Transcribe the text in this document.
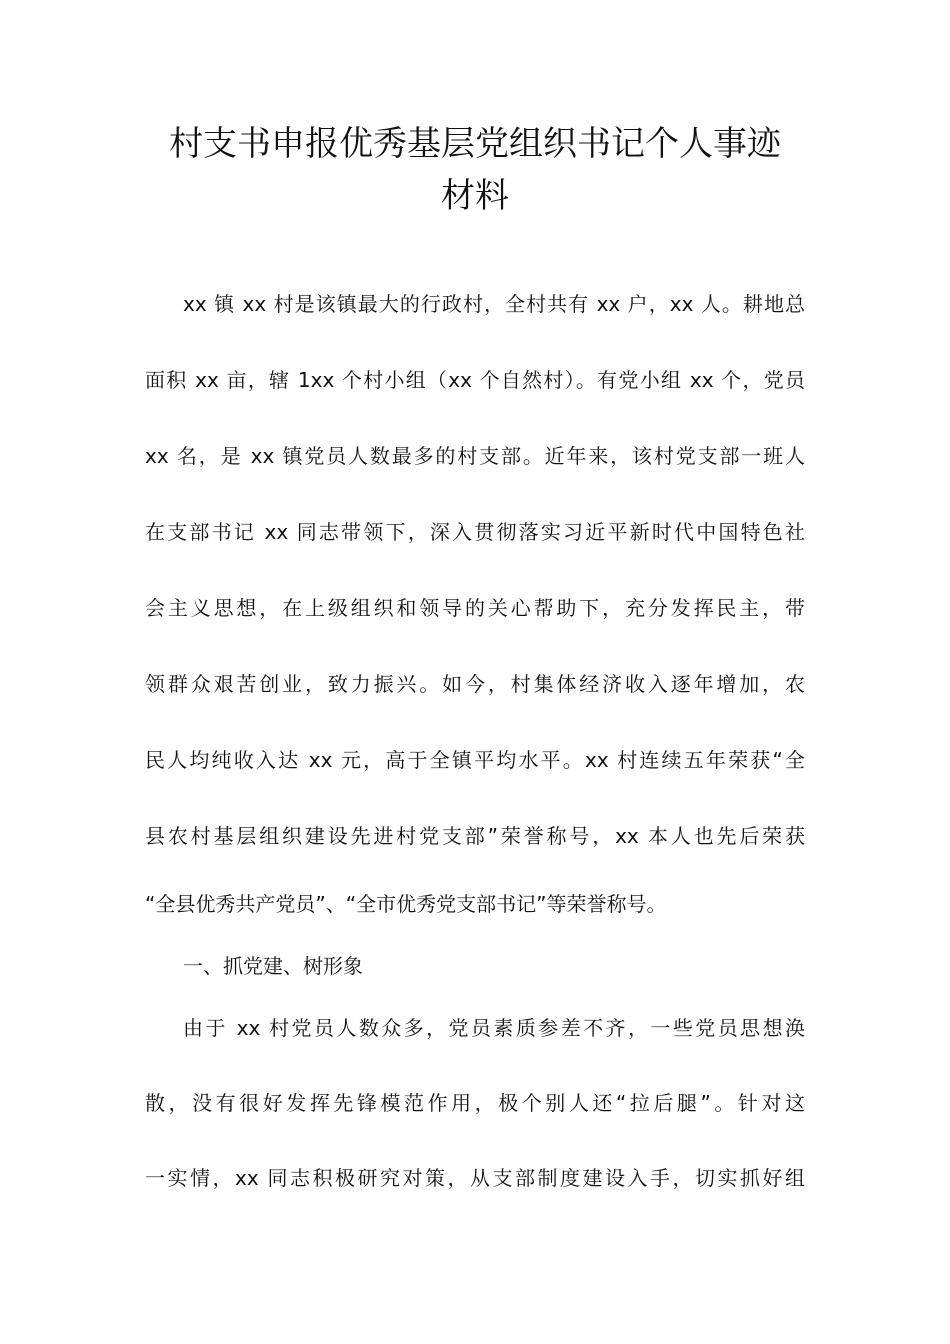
村支书申报优秀基层党组织书记个人事迹
材料
xx 镇 xx 村是该镇最大的行政村，全村共有 xx 户，xx 人。耕地总
面积 xx 亩，辖 1xx 个村小组（xx 个自然村）。有党小组 xx 个，党员
xx 名，是 xx 镇党员人数最多的村支部。近年来，该村党支部一班人
在支部书记 xx 同志带领下，深入贯彻落实习近平新时代中国特色社
会主义思想，在上级组织和领导的关心帮助下，充分发挥民主，带
领群众艰苦创业，致力振兴。如今，村集体经济收入逐年增加，农
民人均纯收入达 xx 元，高于全镇平均水平。xx 村连续五年荣获“全
县农村基层组织建设先进村党支部”荣誉称号，xx 本人也先后荣获
“全县优秀共产党员”、“全市优秀党支部书记”等荣誉称号。
一、抓党建、树形象
由于 xx 村党员人数众多，党员素质参差不齐，一些党员思想涣
散，没有很好发挥先锋模范作用，极个别人还“拉后腿”。针对这
一实情，xx 同志积极研究对策，从支部制度建设入手，切实抓好组
